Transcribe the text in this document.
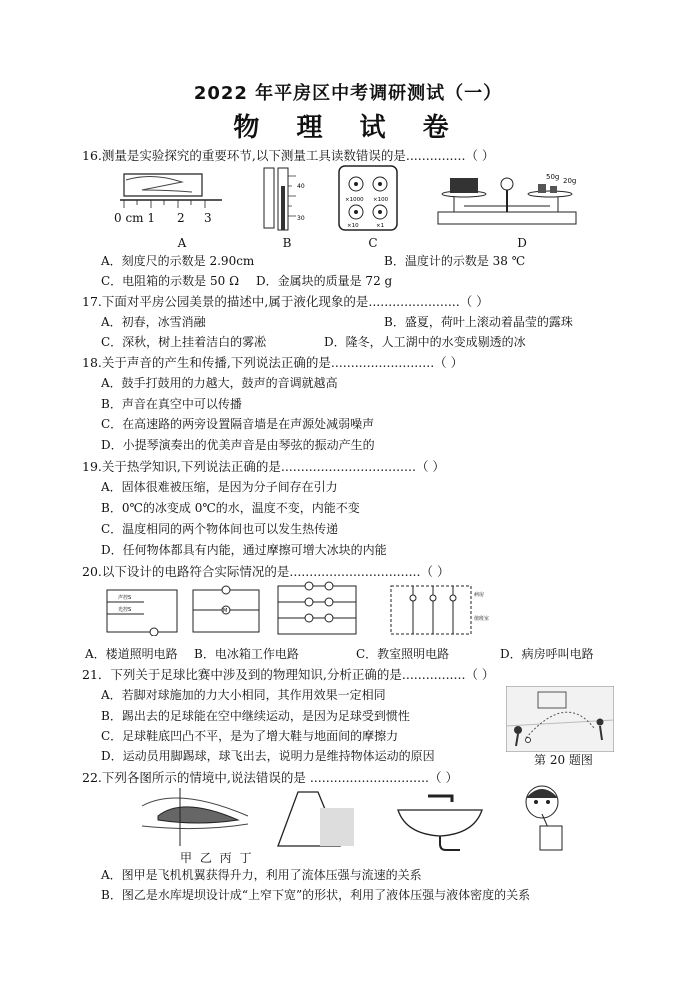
2022 年平房区中考调研测试（一）
物 理 试 卷
16.测量是实验探究的重要环节,以下测量工具读数错误的是...............（ ）
0 cm 1 2 3
40
30
×1000 ×100
×10	×1
50g 20g
A	B	C	D
A．刻度尺的示数是 2.90cm	B．温度计的示数是 38 ℃
C．电阻箱的示数是 50 Ω D．金属块的质量是 72 g
17.下面对平房公园美景的描述中,属于液化现象的是.......................（ ）
A．初春，冰雪消融	B．盛夏，荷叶上滚动着晶莹的露珠
C．深秋，树上挂着洁白的雾凇	D．隆冬，人工湖中的水变成剔透的冰
18.关于声音的产生和传播,下列说法正确的是..........................（ ）
A．鼓手打鼓用的力越大，鼓声的音调就越高
B．声音在真空中可以传播
C．在高速路的两旁设置隔音墙是在声源处减弱噪声
D．小提琴演奏出的优美声音是由琴弦的振动产生的
19.关于热学知识,下列说法正确的是..................................（ ）
A．固体很难被压缩，是因为分子间存在引力
B．0℃的冰变成 0℃的水，温度不变，内能不变
C．温度相同的两个物体间也可以发生热传递
D．任何物体都具有内能，通过摩擦可增大冰块的内能
20.以下设计的电路符合实际情况的是.................................（ ）
声控S
光控S	M
病房
值班室
A．楼道照明电路 B．电冰箱工作电路	C．教室照明电路	D．病房呼叫电路
21．下列关于足球比赛中涉及到的物理知识,分析正确的是................（ ）
A．若脚对球施加的力大小相同，其作用效果一定相同
B．踢出去的足球能在空中继续运动，是因为足球受到惯性
C．足球鞋底凹凸不平，是为了增大鞋与地面间的摩擦力
D．运动员用脚踢球，球飞出去，说明力是维持物体运动的原因	第 20 题图
22.下列各图所示的情境中,说法错误的是 ..............................（ ）
甲 乙 丙 丁
A．图甲是飞机机翼获得升力，利用了流体压强与流速的关系
B．图乙是水库堤坝设计成“上窄下宽”的形状，利用了液体压强与液体密度的关系
